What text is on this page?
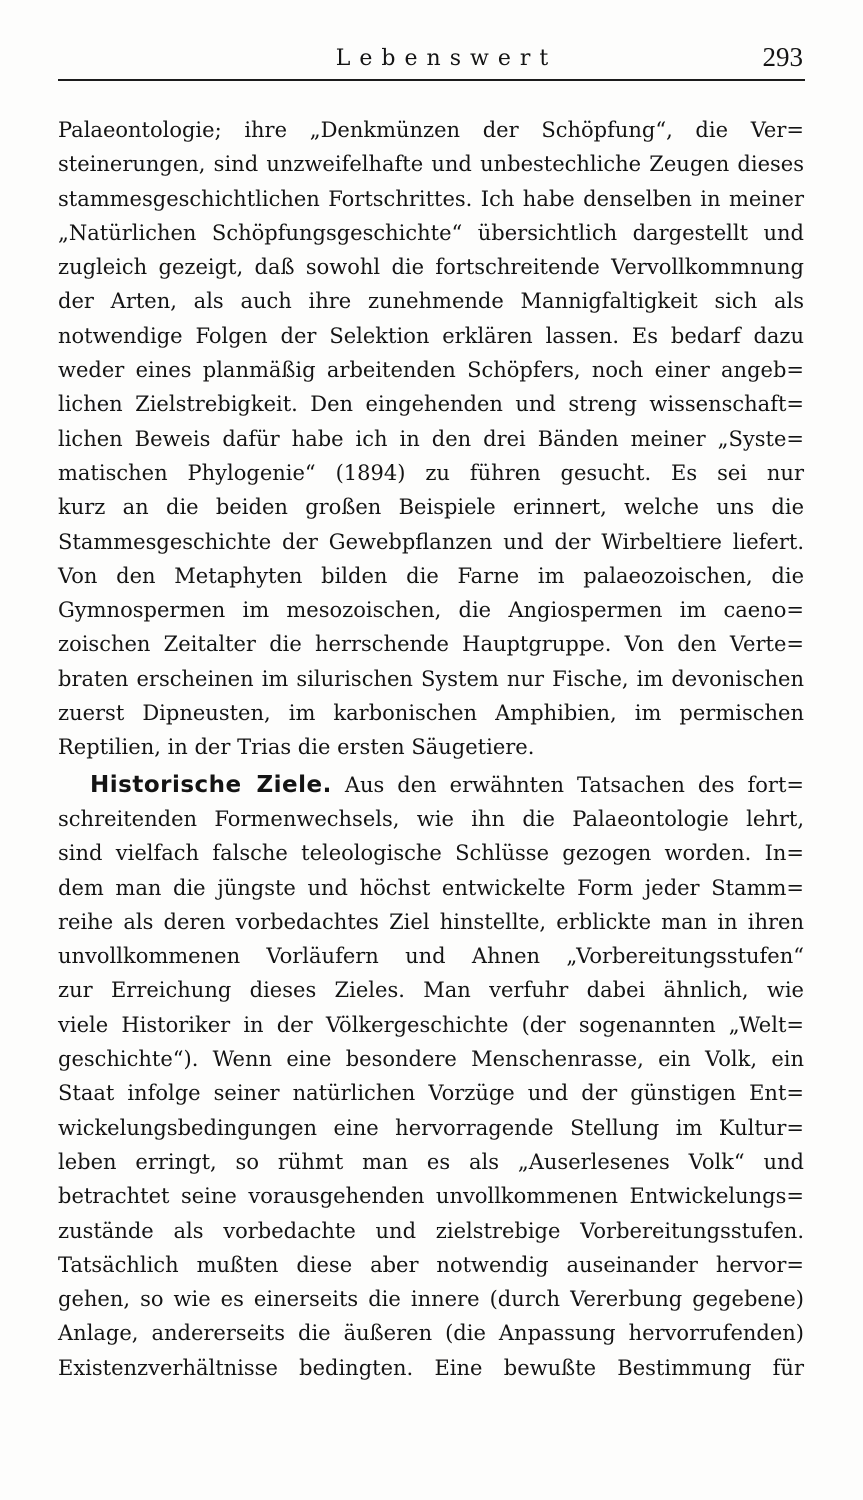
Lebenswert	293
Palaeontologie; ihre „Denkmünzen der Schöpfung“, die Ver=
steinerungen, sind unzweifelhafte und unbestechliche Zeugen dieses
stammesgeschichtlichen Fortschrittes. Ich habe denselben in meiner
„Natürlichen Schöpfungsgeschichte“ übersichtlich dargestellt und
zugleich gezeigt, daß sowohl die fortschreitende Vervollkommnung
der Arten, als auch ihre zunehmende Mannigfaltigkeit sich als
notwendige Folgen der Selektion erklären lassen. Es bedarf dazu
weder eines planmäßig arbeitenden Schöpfers, noch einer angeb=
lichen Zielstrebigkeit. Den eingehenden und streng wissenschaft=
lichen Beweis dafür habe ich in den drei Bänden meiner „Syste=
matischen Phylogenie“ (1894) zu führen gesucht. Es sei nur
kurz an die beiden großen Beispiele erinnert, welche uns die
Stammesgeschichte der Gewebpflanzen und der Wirbeltiere liefert.
Von den Metaphyten bilden die Farne im palaeozoischen, die
Gymnospermen im mesozoischen, die Angiospermen im caeno=
zoischen Zeitalter die herrschende Hauptgruppe. Von den Verte=
braten erscheinen im silurischen System nur Fische, im devonischen
zuerst Dipneusten, im karbonischen Amphibien, im permischen
Reptilien, in der Trias die ersten Säugetiere.
Historische Ziele. Aus den erwähnten Tatsachen des fort=
schreitenden Formenwechsels, wie ihn die Palaeontologie lehrt,
sind vielfach falsche teleologische Schlüsse gezogen worden. In=
dem man die jüngste und höchst entwickelte Form jeder Stamm=
reihe als deren vorbedachtes Ziel hinstellte, erblickte man in ihren
unvollkommenen Vorläufern und Ahnen „Vorbereitungsstufen“
zur Erreichung dieses Zieles. Man verfuhr dabei ähnlich, wie
viele Historiker in der Völkergeschichte (der sogenannten „Welt=
geschichte“). Wenn eine besondere Menschenrasse, ein Volk, ein
Staat infolge seiner natürlichen Vorzüge und der günstigen Ent=
wickelungsbedingungen eine hervorragende Stellung im Kultur=
leben erringt, so rühmt man es als „Auserlesenes Volk“ und
betrachtet seine vorausgehenden unvollkommenen Entwickelungs=
zustände als vorbedachte und zielstrebige Vorbereitungsstufen.
Tatsächlich mußten diese aber notwendig auseinander hervor=
gehen, so wie es einerseits die innere (durch Vererbung gegebene)
Anlage, andererseits die äußeren (die Anpassung hervorrufenden)
Existenzverhältnisse bedingten. Eine bewußte Bestimmung für
